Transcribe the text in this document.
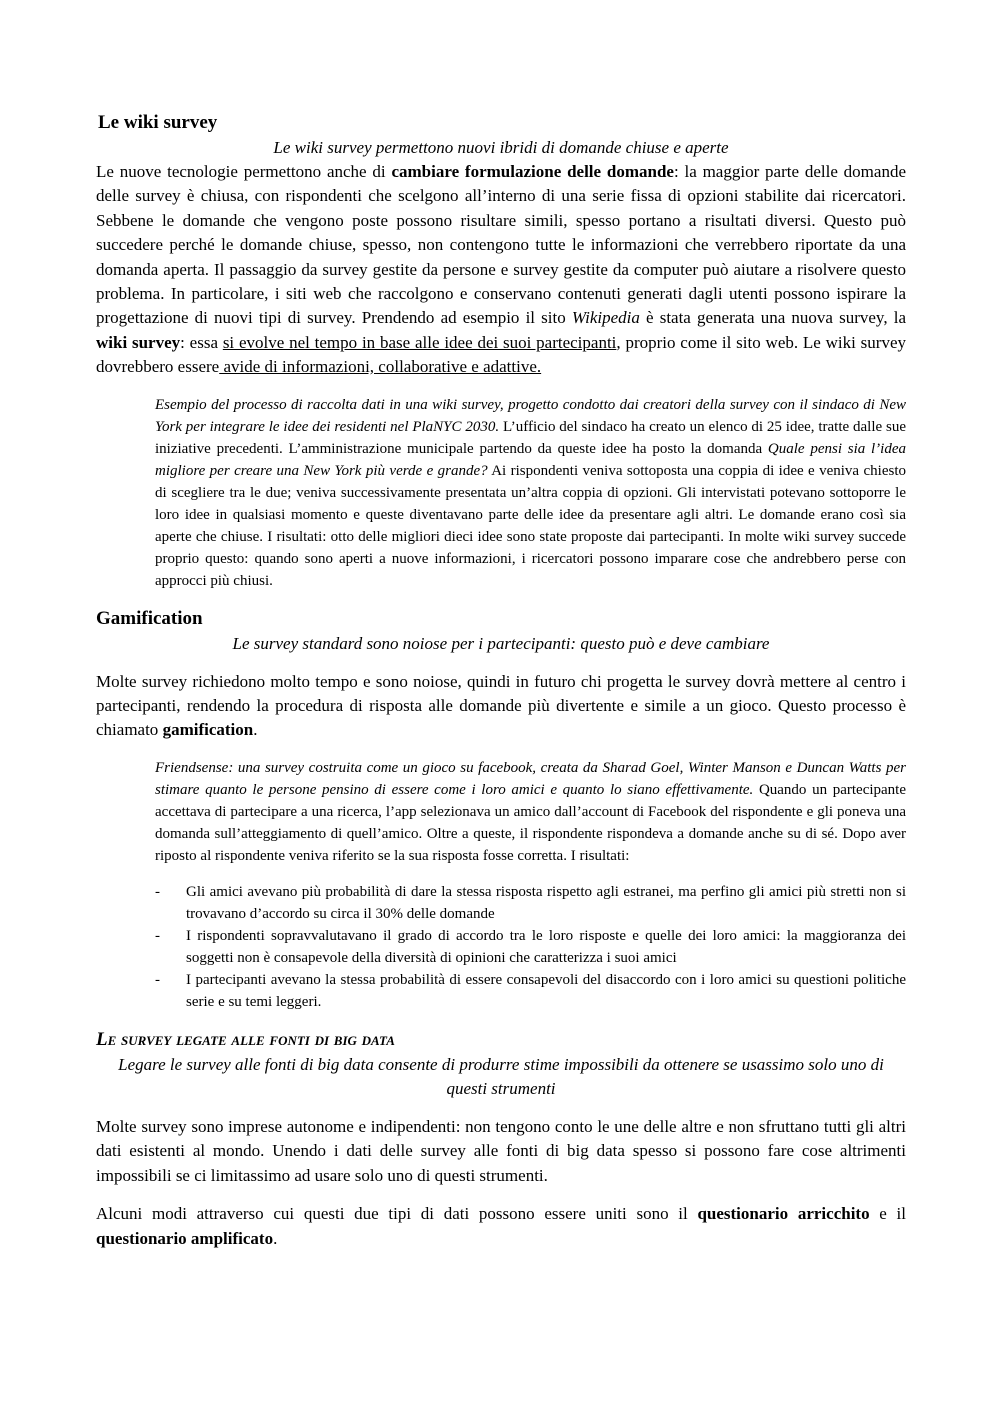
Le wiki survey

Le wiki survey permettono nuovi ibridi di domande chiuse e aperte

Le nuove tecnologie permettono anche di cambiare formulazione delle domande: la maggior parte delle domande delle survey è chiusa, con rispondenti che scelgono all’interno di una serie fissa di opzioni stabilite dai ricercatori. Sebbene le domande che vengono poste possono risultare simili, spesso portano a risultati diversi. Questo può succedere perché le domande chiuse, spesso, non contengono tutte le informazioni che verrebbero riportate da una domanda aperta. Il passaggio da survey gestite da persone e survey gestite da computer può aiutare a risolvere questo problema. In particolare, i siti web che raccolgono e conservano contenuti generati dagli utenti possono ispirare la progettazione di nuovi tipi di survey. Prendendo ad esempio il sito Wikipedia è stata generata una nuova survey, la wiki survey: essa si evolve nel tempo in base alle idee dei suoi partecipanti, proprio come il sito web. Le wiki survey dovrebbero essere avide di informazioni, collaborative e adattive.

Esempio del processo di raccolta dati in una wiki survey, progetto condotto dai creatori della survey con il sindaco di New York per integrare le idee dei residenti nel PlaNYC 2030. L’ufficio del sindaco ha creato un elenco di 25 idee, tratte dalle sue iniziative precedenti. L’amministrazione municipale partendo da queste idee ha posto la domanda Quale pensi sia l’idea migliore per creare una New York più verde e grande? Ai rispondenti veniva sottoposta una coppia di idee e veniva chiesto di scegliere tra le due; veniva successivamente presentata un’altra coppia di opzioni. Gli intervistati potevano sottoporre le loro idee in qualsiasi momento e queste diventavano parte delle idee da presentare agli altri. Le domande erano così sia aperte che chiuse. I risultati: otto delle migliori dieci idee sono state proposte dai partecipanti. In molte wiki survey succede proprio questo: quando sono aperti a nuove informazioni, i ricercatori possono imparare cose che andrebbero perse con approcci più chiusi.

Gamification

Le survey standard sono noiose per i partecipanti: questo può e deve cambiare

Molte survey richiedono molto tempo e sono noiose, quindi in futuro chi progetta le survey dovrà mettere al centro i partecipanti, rendendo la procedura di risposta alle domande più divertente e simile a un gioco. Questo processo è chiamato gamification.

Friendsense: una survey costruita come un gioco su facebook, creata da Sharad Goel, Winter Manson e Duncan Watts per stimare quanto le persone pensino di essere come i loro amici e quanto lo siano effettivamente. Quando un partecipante accettava di partecipare a una ricerca, l’app selezionava un amico dall’account di Facebook del rispondente e gli poneva una domanda sull’atteggiamento di quell’amico. Oltre a queste, il rispondente rispondeva a domande anche su di sé. Dopo aver riposto al rispondente veniva riferito se la sua risposta fosse corretta. I risultati:

- Gli amici avevano più probabilità di dare la stessa risposta rispetto agli estranei, ma perfino gli amici più stretti non si trovavano d’accordo su circa il 30% delle domande
- I rispondenti sopravvalutavano il grado di accordo tra le loro risposte e quelle dei loro amici: la maggioranza dei soggetti non è consapevole della diversità di opinioni che caratterizza i suoi amici
- I partecipanti avevano la stessa probabilità di essere consapevoli del disaccordo con i loro amici su questioni politiche serie e su temi leggeri.
Le survey legate alle fonti di big data

Legare le survey alle fonti di big data consente di produrre stime impossibili da ottenere se usassimo solo uno di questi strumenti

Molte survey sono imprese autonome e indipendenti: non tengono conto le une delle altre e non sfruttano tutti gli altri dati esistenti al mondo. Unendo i dati delle survey alle fonti di big data spesso si possono fare cose altrimenti impossibili se ci limitassimo ad usare solo uno di questi strumenti.

Alcuni modi attraverso cui questi due tipi di dati possono essere uniti sono il questionario arricchito e il questionario amplificato.
